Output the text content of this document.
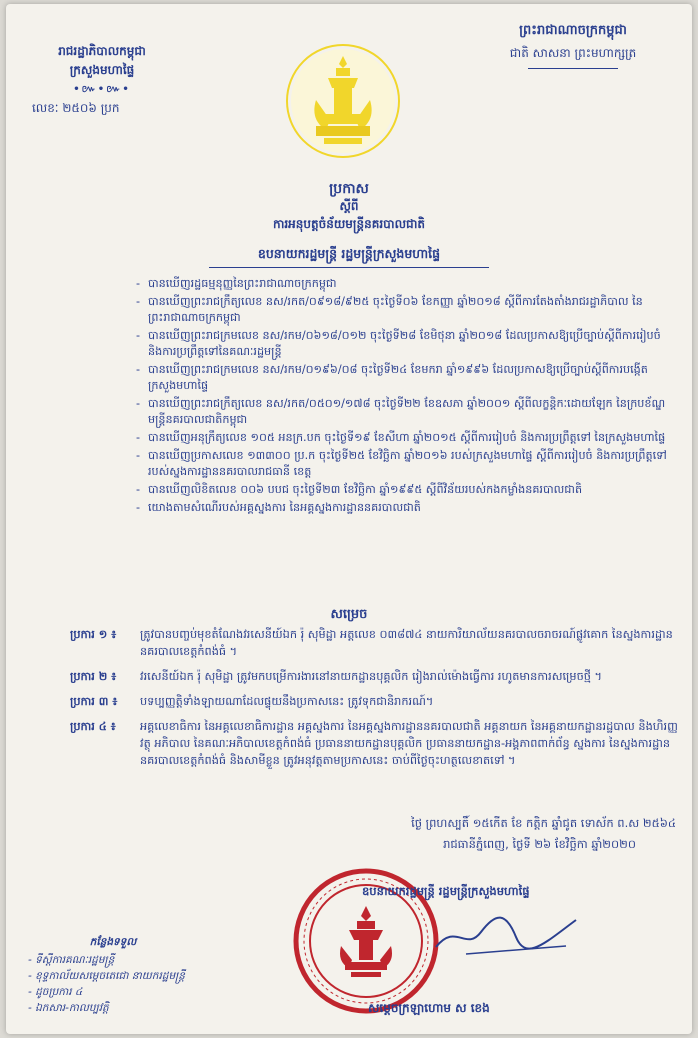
រាជរដ្ឋាភិបាលកម្ពុជា
ក្រសួងមហាផ្ទៃ
•៚•៚•
លេខៈ ២៥០៦ ប្រក
ព្រះរាជាណាចក្រកម្ពុជា
ជាតិ សាសនា ព្រះមហាក្សត្រ
ប្រកាស
ស្តីពី
ការអនុបត្តចំន័យមន្ត្រីនគរបាលជាតិ
ឧបនាយករដ្ឋមន្ត្រី រដ្ឋមន្ត្រីក្រសួងមហាផ្ទៃ
- បានឃើញរដ្ឋធម្មនុញ្ញនៃព្រះរាជាណាចក្រកម្ពុជា
- បានឃើញព្រះរាជក្រឹត្យលេខ នស/រកត/០៩១៨/៩២៥ ចុះថ្ងៃទី០៦ ខែកញ្ញា ឆ្នាំ២០១៨ ស្តីពីការតែងតាំងរាជរដ្ឋាភិបាល នៃព្រះរាជាណាចក្រកម្ពុជា
- បានឃើញព្រះរាជក្រមលេខ នស/រកម/០៦១៨/០១២ ចុះថ្ងៃទី២៨ ខែមិថុនា ឆ្នាំ២០១៨ ដែលប្រកាសឱ្យប្រើច្បាប់ស្តីពីការរៀបចំ និងការប្រព្រឹត្តទៅនៃគណៈរដ្ឋមន្ត្រី
- បានឃើញព្រះរាជក្រមលេខ នស/រកម/០១៩៦/០៨ ចុះថ្ងៃទី២៤ ខែមករា ឆ្នាំ១៩៩៦ ដែលប្រកាសឱ្យប្រើច្បាប់ស្តីពីការបង្កើតក្រសួងមហាផ្ទៃ
- បានឃើញព្រះរាជក្រឹត្យលេខ នស/រកត/០៥០១/១៧៨ ចុះថ្ងៃទី២២ ខែឧសភា ឆ្នាំ២០០១ ស្តីពីលក្ខន្តិកៈដោយឡែក នៃក្របខ័ណ្ឌមន្ត្រីនគរបាលជាតិកម្ពុជា
- បានឃើញអនុក្រឹត្យលេខ ១០៥ អនក្រ.បក ចុះថ្ងៃទី១៩ ខែសីហា ឆ្នាំ២០១៥ ស្តីពីការរៀបចំ និងការប្រព្រឹត្តទៅ នៃក្រសួងមហាផ្ទៃ
- បានឃើញប្រកាសលេខ ១៣៣០០ ប្រ.ក ចុះថ្ងៃទី២៥ ខែវិច្ឆិកា ឆ្នាំ២០១៦ របស់ក្រសួងមហាផ្ទៃ ស្តីពីការរៀបចំ និងការប្រព្រឹត្តទៅរបស់ស្នងការដ្ឋាននគរបាលរាជធានី ខេត្ត
- បានឃើញលិខិតលេខ ០០៦ បបជ ចុះថ្ងៃទី២៣ ខែវិច្ឆិកា ឆ្នាំ១៩៩៥ ស្តីពីវិន័យរបស់កងកម្លាំងនគរបាលជាតិ
- យោងតាមសំណើរបស់អគ្គស្នងការ នៃអគ្គស្នងការដ្ឋាននគរបាលជាតិ
សម្រេច
ប្រការ ១ ៖	ត្រូវបានបញ្ចប់មុខតំណែងវរសេនីយ៍ឯក រ៉ុ សុមិដ្ឋា អត្តលេខ ០៣៨៧៤ នាយការិយាល័យនគរបាលចរាចរណ៍ផ្លូវគោក នៃស្នងការដ្ឋាននគរបាលខេត្តកំពង់ធំ ។
ប្រការ ២ ៖	វរសេនីយ៍ឯក រ៉ុ សុមិដ្ឋា ត្រូវមកបម្រើការងារនៅនាយកដ្ឋានបុគ្គលិក រៀងរាល់ម៉ោងធ្វើការ រហូតមានការសម្រេចថ្មី ។
ប្រការ ៣ ៖	បទប្បញ្ញត្តិទាំងឡាយណាដែលផ្ទុយនឹងប្រកាសនេះ ត្រូវទុកជានិរាករណ៍។
ប្រការ ៤ ៖	អគ្គលេខាធិការ នៃអគ្គលេខាធិការដ្ឋាន អគ្គស្នងការ នៃអគ្គស្នងការដ្ឋាននគរបាលជាតិ អគ្គនាយក នៃអគ្គនាយកដ្ឋានរដ្ឋបាល និងហិរញ្ញវត្ថុ អភិបាល នៃគណៈអភិបាលខេត្តកំពង់ធំ ប្រធាននាយកដ្ឋានបុគ្គលិក ប្រធាននាយកដ្ឋាន-អង្គភាពពាក់ព័ន្ធ ស្នងការ នៃស្នងការដ្ឋាននគរបាលខេត្តកំពង់ធំ និងសាមីខ្លួន ត្រូវអនុវត្តតាមប្រកាសនេះ ចាប់ពីថ្ងៃចុះហត្ថលេខាតទៅ ។
ថ្ងៃ ព្រហស្បតិ៍ ១៥កើត ខែ កត្តិក ឆ្នាំជូត ទោស័ក ព.ស ២៥៦៤
រាជធានីភ្នំពេញ, ថ្ងៃទី ២៦ ខែវិច្ឆិកា ឆ្នាំ២០២០
ឧបនាយករដ្ឋមន្ត្រី រដ្ឋមន្ត្រីក្រសួងមហាផ្ទៃ
សម្តេចក្រឡាហោម ស ខេង
កន្លែងទទួល
- ទីស្តីការគណៈរដ្ឋមន្ត្រី
- ខុទ្ទកាល័យសម្តេចតេជោ នាយករដ្ឋមន្ត្រី
- ដូចប្រការ ៤
- ឯកសារ-កាលប្បវត្តិ
